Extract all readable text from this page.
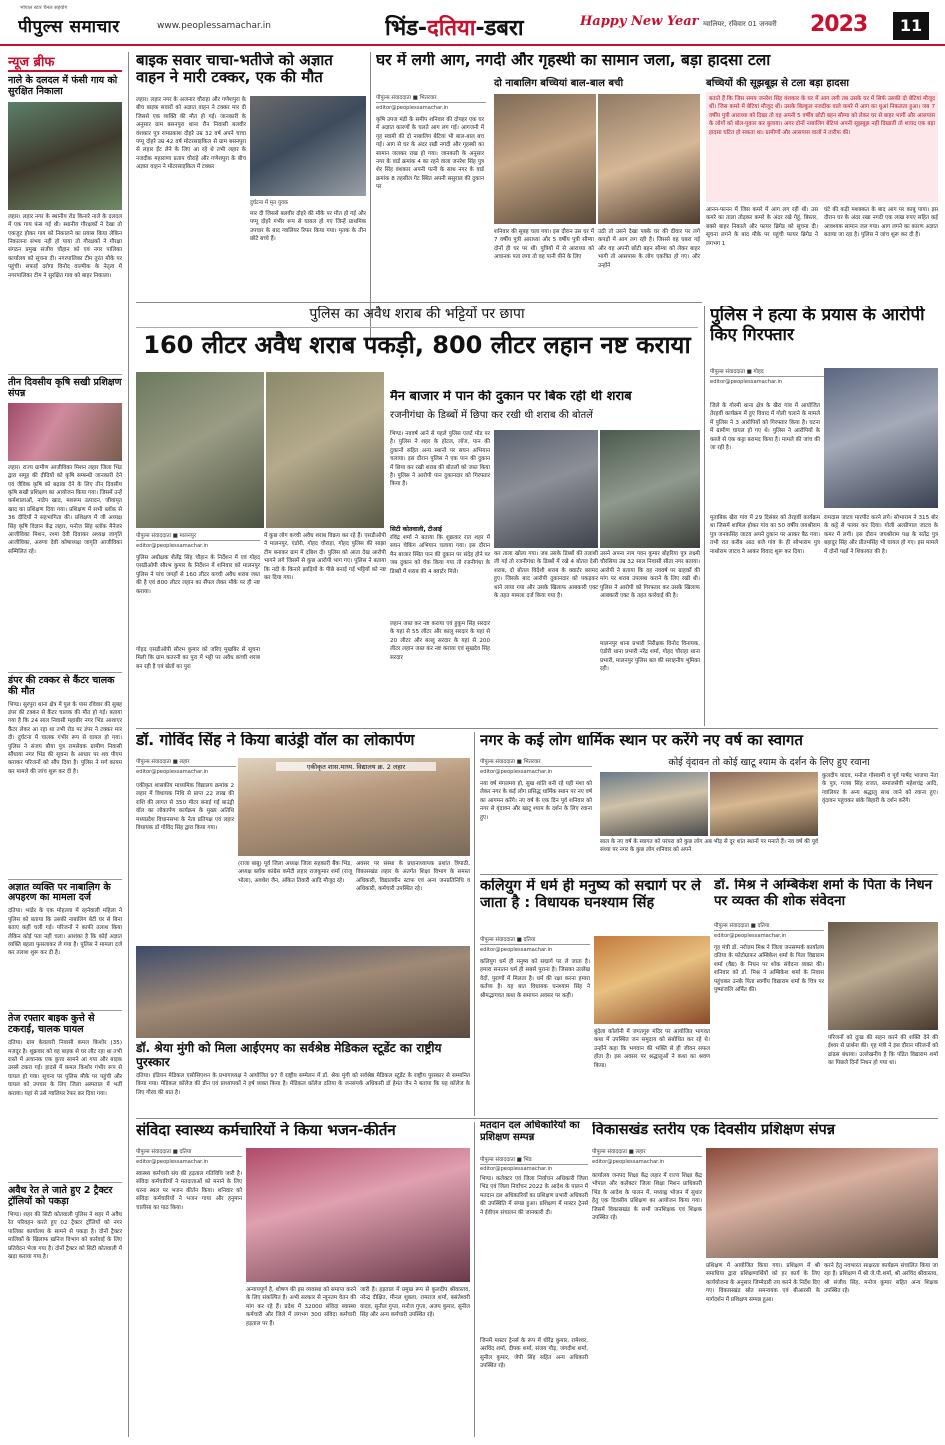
पीपुल्स समाचार
भोपाल स्टार चैनल सहयोग
www.peoplessamachar.in	भिंड-दतिया-डबरा	Happy New Year ग्वालियर, रविवार 01 जनवरी	2023	11
न्यूज ब्रीफ
नाले के दलदल में फंसी गाय को सुरक्षित निकाला
लहार। लहार नगर के स्थानीय रोड किनारे नाले के दलदल में एक गाय फंस गई थी। स्थानीय गौरक्षकों ने देखा तो एकजुट होकर गाय को निकालने का प्रयास किया लेकिन निकालना संभव नहीं हो पाया तो गौरक्षकों ने गौरक्षा संगठन प्रमुख संजीव चौहान को एवं नगर पालिका कार्यालय को सूचना दी। नगरपालिका टीम तुरंत मौके पर पहुंची। सफाई दरोगा विनोद वाल्मीक के नेतृत्व में नगरपालिका टीम ने सुरक्षित गाय को बाहर निकाला।
तीन दिवसीय कृषि सखी प्रशिक्षण संपन्न
लहार। राज्य ग्रामीण आजीविका मिशन लहार जिला भिंड द्वारा समूह की दीदियों को कृषि सम्बन्धी जानकारी देने एवं जैविक कृषि को बढ़ावा देने के लिए तीन दिवसीय कृषि सखी प्रशिक्षण का आयोजन किया गया। जिसमें उन्हें कर्मशालाओं, नाडेप खाद, मशरूम उत्पादन, जीवामृत खाद का प्रशिक्षण दिया गया। प्रशिक्षण में सभी ब्लॉक से 36 दीदियों ने सहभागिता की। प्रशिक्षण में जी अध्यक्ष सिंह कृषि विज्ञान केंद्र लहार, मनोज सिंह ब्लॉक मैनेजर आजीविका मिशन, रश्मा देवी दिवाकर अध्यक्ष जागृति आजीविका, अरुणा देवी कोषाध्यक्ष जागृति आजीविका सम्मिलित रहे।
डंपर की टक्कर से कैंटर चालक की मौत
भिण्ड। सुरपुरा थाना क्षेत्र में पुल के पास रविवार की सुबह डंपर की टक्कर से कैंटर चालक की मौत हो गई। बताया गया है कि 24 साल निवासी महाबीर नगर भिंड आशाएर कैंटर लेकर आ रहा था तभी रोड पर डंपर ने टक्कर मार दी। दुर्घटना में चालक गंभीर रूप से घायल हो गया। पुलिस ने संजय बौया पुत्र रामसेवक ग्रामीण निवासी सौंधाया नगर भिंड की सूचना के आधार पर शव पीएम कराकर परिजनों को सौंप दिया है। पुलिस ने मर्ग कायम कर मामले की जांच शुरू कर दी है।
अज्ञात व्यक्ति पर नाबालिग के अपहरण का मामला दर्ज
दतिया। भांडेर के एक मोहल्ला में रहनेवाली महिला ने पुलिस को बताया कि उसकी नाबालिग बेटी घर से बिना बताए कहीं चली गई। परिजनों ने काफी तलाश किया लेकिन कोई पता नहीं चला। आशंका है कि कोई अज्ञात व्यक्ति बहला फुसलाकर ले गया है। पुलिस ने मामला दर्ज कर तलाश शुरू कर दी है।
तेज रफ्तार बाइक कुत्ते से टकराई, चालक घायल
दतिया। ग्राम केवलारी निवासी कमल किशोर (35) मजदूर है। शुक्रवार को वह बाइक से घर लौट रहा था तभी रास्ते में अचानक एक कुत्ता सामने आ गया और बाइक उससे टकरा गई। हादसे में कमल किशोर गंभीर रूप से घायल हो गया। सूचना पर पुलिस मौके पर पहुंची और घायल को उपचार के लिए जिला अस्पताल में भर्ती कराया। यहां से उसे ग्वालियर रेफर कर दिया गया।
अवैध रेत ले जाते हुए 2 ट्रैक्टर ट्रॉलियों को पकड़ा
भिण्ड। शहर की सिटी कोतवाली पुलिस ने शहर में अवैध रेत परिवहन करते हुए 02 ट्रैक्टर ट्रॉलियों को नगर पालिका कार्यालय के सामने से पकड़ा है। दोनों ट्रैक्टर मालिकों के खिलाफ खनिज विभाग को कार्रवाई के लिए प्रतिवेदन भेजा गया है। दोनों ट्रैक्टर को सिटी कोतवाली में खड़ा कराया गया है।
बाइक सवार चाचा-भतीजे को अज्ञात वाहन ने मारी टक्कर, एक की मौत
लहार। लहार नगर के अजनार चौराहा और गणेशपुरा के बीच बाइक सवारों को अज्ञात वाहन ने टक्कर मार दी जिससे एक व्यक्ति की मौत हो गई। जानकारी के अनुसार ग्राम बसनपुरा थाना रौन निवासी बलवीर वंशकार पुत्र रामप्रकाश दोहरे उम्र 32 वर्ष अपने चाचा पप्पू दोहरे उम्र 42 वर्ष मोटरसाइकिल से ग्राम बसनपुरा से लहार ईंट लेने के लिए आ रहे थे तभी लहार के नजदीक महाराणा प्रताप चौराहे और गणेशपुरा के बीच अज्ञात वाहन ने मोटरसाइकिल में टक्कर
दुर्घटना में मृत युवक
मार दी जिससे बलवीर दोहरे की मौके पर मौत हो गई और पप्पू दोहरे गंभीर रूप से घायल हो गए जिन्हें प्राथमिक उपचार के बाद ग्वालियर रिफर किया गया। मृतक के तीन छोटे बच्चे हैं।
घर में लगी आग, नगदी और गृहस्थी का सामान जला, बड़ा हादसा टला
पीपुल्स संवाददाता ■ भितरवार
editor@peoplessamachar.in
कृषि उपज मंडी के समीप शनिवार की दोपहर एक घर में अज्ञात कारणों के चलते आग लग गई। आगजनी में गृह स्वामी की दो नाबालिग बेटियां भी बाल-बाल बच गई। आग से घर के अंदर रखी नगदी और गृहस्थी का सामान जलकर राख हो गया। जानकारी के अनुसार नगर के वार्ड क्रमांक 4 का रहने वाला जनरेश सिंह पुत्र शेर सिंह वंशकार अपनी पत्नी के साथ नगर के वार्ड क्रमांक 8 तहसील गेट स्थित अपनी ससुराल की दुकान पर
दो नाबालिग बच्चियां बाल-बाल बची	बच्चियों की सूझबूझ से टला बड़ा हादसा
बताते हैं कि जिस समय जनरेश सिंह वंशकार के घर में आग लगी तब उसके घर में सिर्फ उसकी दो बेटियां मौजूद थीं। जिस कमरे में बेटियां मौजूद थीं। उसके बिल्कुल नजदीक वाले कमरे में आग का धुआं निकलता हुआ। जब 7 वर्षीय पुत्री आराध्या को दिखा तो वह अपनी 5 वर्षीय छोटी बहन सौम्या को लेकर घर से बाहर भागीं और आसपास के लोगों को बोल-पुकार कर बुलाया। अगर दोनों नाबालिग बेटियां अपनी सूझबूझ नहीं दिखातीं तो शायद एक बड़ा हादसा घटित हो सकता था। ग्रामीणों और आसपास वालों ने तारीफ की।
शनिवार की सुबह चला गया। इस दौरान उस घर में 7 वर्षीय पुत्री आराध्या और 5 वर्षीय पुत्री सौम्या दोनों ही घर पर थीं। पुत्रियों में से आराध्या को अचानक पता लगा तो वह पानी पीने के लिए
उठी तो उसने देखा पक्के घर की दीवार पर लगे कपड़ों में आग लग रही है। जिससे वह घबरा गई और वह अपनी छोटी बहन सौम्या को लेकर बाहर भागी तो आसपास के लोग एकत्रित हो गए। और उन्होंने
आनन-फानन में जिस कमरे में आग लग रही थी। उस कमरे का ताला तोड़कर कमरे के अंदर रखे गेहूं, बिस्तर, बक्से बाहर निकाले और फायर ब्रिगेड को सूचना दी। सूचना लगने के बाद मौके पर पहुंची फायर ब्रिगेड ने लगभग 1
घंटे की कड़ी मशक्कत के बाद आग पर काबू पाया। इस दौरान घर के अंदर रखा नगदी एक लाख रुपए सहित कई आवश्यक सामान जल गया। आग लगने का कारण अज्ञात बताया जा रहा है। पुलिस ने जांच शुरू कर दी है।
पुलिस का अवैध शराब की भट्टियों पर छापा
160 लीटर अवैध शराब पकड़ी, 800 लीटर लहान नष्ट कराया
पीपुल्स संवाददाता ■ मालनपुर
editor@peoplessamachar.in
पुलिस अधीक्षक शैलेंद्र सिंह चौहान के निर्देशन में एवं गोहद एसडीओपी सौरभ कुमार के निर्देशन में शनिवार को मालनपुर पुलिस ने पांच जगहों से 160 लीटर कच्ची अवैध शराब जब्त की है एवं 800 लीटर लहान का सैंपल लेकर मौके पर ही नष्ट कराया।
गोहद एसडीओपी सौरभ कुमार को जरिए मुखबिर से सूचना मिली कि ग्राम कतरनी का पुरा में भट्टी पर अवैध कच्ची शराब बन रही है एवं खेतों का पुरा
में कुछ लोग कच्ची अवैध शराब विक्रय कर रहे हैं। एसडीओपी ने मालनपुर, एंडोरी, गोहद चौराहा, गोहद पुलिस की साझा टीम बनाकर ग्राम में दबिश दी। पुलिस को आता देख आरोपी भागने लगे जिसमें से कुछ आरोपी भाग गए। पुलिस ने बताया कि नदी के किनारे झाड़ियों के पीछे बनाई गई भट्टियों को नष्ट कर दिया गया।
मैन बाजार में पान की दुकान पर बिक रही थी शराब
रजनीगंधा के डिब्बों में छिपा कर रखी थी शराब की बोतलें
भिण्ड। नववर्ष आने से पहले पुलिस एलर्ट मोड पर है। पुलिस ने शहर के होटल, लॉज, पान की दुकानों सहित अन्य स्थानों पर सघन अभियान चलाया। इस दौरान पुलिस ने एक पान की दुकान में छिपा कर रखी शराब की बोतलों को जब्त किया है। पुलिस ने आरोपी पान दुकानदार को गिरफ्तार किया है।
सिटी कोतवाली, टीआई
रविंद्र शर्मा ने बताया कि शुक्रवार रात शहर में सघन चेकिंग अभियान चलाया गया। इस दौरान मैन बाजार स्थित पान की दुकान पर संदेह होने पर जब दुकान को चेक किया गया तो रजनीगंधा के डिब्बों में शराब की 4 क्वार्टर मिले।
लहान जब्त कर नष्ट कराया एवं हुकुम सिंह सरदार के यहां से 55 लीटर और कालू सरदार के यहां से 20 लीटर और बल्लू सरदार के यहां से 200 लीटर लहान जब्त कर नष्ट कराया एवं सुखदेव सिंह सरदार
कर ताला खोला गया। जब उसके डिब्बों की तलाशी ली गई तो रजनीगंधा के डिब्बों में रखे 4 बोतल देसी शराब, दो बोतल विदेशी शराब के क्वार्टर बरामद हुए। जिसके बाद आरोपी दुकानदार को पकड़कर थाने लाया गया और उसके खिलाफ आबकारी एक्ट के तहत मामला दर्ज किया गया है।
उसने अपना नाम पवन कुमार बोहरिया पुत्र लक्ष्मी चौरसिया उम्र 32 साल निवासी सीता नगर बताया। आरोपी ने बताया कि वह नववर्ष पर ग्राहकों की मांग पर शराब उपलब्ध कराने के लिए रखी थी। पुलिस ने आरोपी को गिरफ्तार कर उसके खिलाफ आबकारी एक्ट के तहत कार्रवाई की है।
मालनपुर थाना प्रभारी निरीक्षक विनोद विनायक, एंडोरी थाना प्रभारी नरेंद्र शर्मा, गोहद चौराहा थाना प्रभारी, मालनपुर पुलिस बल की सराहनीय भूमिका रही।
पुलिस ने हत्या के प्रयास के आरोपी किए गिरफ्तार
पीपुल्स संवाददाता ■ गोहद
editor@peoplessamachar.in
जिले के गोरमी थाना क्षेत्र के खैरा गांव में आयोजित तेरहवीं कार्यक्रम में हुए विवाद में गोली चलाने के मामले में पुलिस ने 3 आरोपियों को गिरफ्तार किया है। घटना में ग्रामीण घायल हो गए थे। पुलिस ने आरोपियों के कब्जे से एक कट्टा बरामद किया है। मामले की जांच की जा रही है।
मुताबिक खैरा गांव में 29 दिसंबर को तेरहवीं कार्यक्रम था जिसमें शामिल होकर गांव का 50 वर्षीय जयश्रीराम पुत्र जनकसिंह जाटव अपने दुकान पर आकर बैठ गया। तभी रात करीब आठ बजे गांव के ही सोभाराम पुत्र नाथोराम जाटव ने आकर विवाद शुरू कर दिया।
रामदास जाटव मारपीट करने लगे। सोभाराम ने 315 बोर के कट्टे से फायर कर दिया। गोली अल्प्रीपाल जाटव के कमर में लगी। इस दौरान जयश्रीराम पक्ष के सतेंद्र पुत्र बहादुर सिंह और प्रीतमसिंह भी घायल हो गए। इस मामले में दोनों पक्षों ने शिकायत की है।
डॉ. गोविंद सिंह ने किया बाउंड्री वॉल का लोकार्पण
पीपुल्स संवाददाता ■ लहार
editor@peoplessamachar.in
एकीकृत शासकीय माध्यमिक विद्यालय क्रमांक 2 लहार में विधायक निधि से प्राप्त 22 लाख की राशि की लागत से 350 मीटर बनाई गई बाउंड्री वॉल का लोकार्पण कार्यक्रम के मुख्य अतिथि मध्यप्रदेश विधानसभा के नेता प्रतिपक्ष एवं लहार विधायक डॉ गोविंद सिंह द्वारा किया गया।
एकीकृत शास.माध्य. विद्यालय क्र. 2 लहार
(राजा बाबू) पूर्व जिला अध्यक्ष जिला सहकारी बैंक भिंड, अध्यक्ष ब्लॉक कांग्रेस कमेटी लहार राजकुमार शर्मा (राजू भोला), अवधेश जैन, अंकित तिवारी आदि मौजूद रहे।
अवसर पर संस्था के प्रधानाध्यापक प्रशांत त्रिपाठी, विकासखंड लहार के अंतर्गत शिक्षा विभाग के समस्त अधिकारी, विद्यालयीन स्टाफ एवं अन्य जनप्रतिनिधि व अधिकारी, कर्मचारी उपस्थित रहे।
डॉ. श्रेया मुंगी को मिला आईएमए का सर्वश्रेष्ठ मेडिकल स्टूडेंट का राष्ट्रीय पुरस्कार
दतिया। इंडियन मेडिकल एसोसिएशन के प्रभागाध्यक्ष ने आयोजित 97 वें राष्ट्रीय सम्मेलन में डॉ. श्रेया मुंगी को सर्वश्रेष्ठ मेडिकल स्टूडेंट के राष्ट्रीय पुरस्कार से सम्मानित किया गया। मेडिकल कॉलेज की डीन एवं प्राध्यापकों ने हर्ष व्यक्त किया है। मेडिकल कॉलेज दतिया के जनसंपर्क अधिकारी डॉ हेमंत जैन ने बताया कि यह कॉलेज के लिए गौरव की बात है।
नगर के कई लोग धार्मिक स्थान पर करेंगे नए वर्ष का स्वागत
पीपुल्स संवाददाता ■ भितरवार
editor@peoplessamachar.in
नया वर्ष मंगलमय हो, सुख शांति बनी रहे यही मंशा को लेकर नगर के कई लोग प्रसिद्ध धार्मिक स्थान पर नए वर्ष का आगमन करेंगे। नए वर्ष के एक दिन पूर्व शनिवार को नगर से वृंदावन और खाटू श्याम के दर्शन के लिए रवाना हुए।
कोई वृंदावन तो कोई खाटू श्याम के दर्शन के लिए हुए रवाना
साल के नए वर्ष के स्वागत को परंपरा को कुछ लोग अब भीड़ से दूर शांत स्थानों पर मनाते हैं। नव वर्ष की पूर्व संध्या पर नगर के कुछ लोग शनिवार को अपने
कुलदीप यादव, मनोज गोस्वामी व पूर्व पार्षद भाजपा नेता के पुत्र, गजब सिंह राजत, समाजसेवी महेशचंद्र आदि, ग्वालियर के अन्य श्रद्धालु साथ जाने को रवाना हुए। वृंदावन पहुंचकर बांके बिहारी के दर्शन करेंगे।
कलियुग में धर्म ही मनुष्य को सद्मार्ग पर ले जाता है : विधायक घनश्याम सिंह
पीपुल्स संवाददाता ■ दतिया
editor@peoplessamachar.in
कलियुग धर्म ही मनुष्य को सद्मार्ग पर ले जाता है। हमारा सनातन धर्म ही सबसे पुराना है। जिसका उल्लेख वेदों, पुराणों में मिलता है। धर्म की रक्षा करना हमारा कर्तव्य है। यह बात विधायक घनश्याम सिंह ने श्रीमद्भागवत कथा के समापन अवसर पर कही।
बुंदेला कॉलोनी में जगतगुरु मंदिर पर आयोजित भागवत कथा में उपस्थित जन समुदाय को संबोधित कर रहे थे। उन्होंने कहा कि भगवान की भक्ति से ही जीवन सफल होता है। इस अवसर पर श्रद्धालुओं ने कथा का श्रवण किया।
डॉ. मिश्र ने अम्बिकेश शर्मा के पिता के निधन पर व्यक्त की शोक संवेदना
पीपुल्स संवाददाता ■ दतिया
editor@peoplessamachar.in
गृह मंत्री डॉ. नरोत्तम मिश्र ने जिला जनसम्पर्क कार्यालय दतिया के फोटोग्राफर अम्बिकेश शर्मा के पिता विद्याराम शर्मा (वैद्य) के निधन पर शोक संवेदना व्यक्त की। शनिवार को डॉ. मिश्र ने अम्बिकेश शर्मा के निवास पहुंचकर उनके पिता स्वर्गीय विद्याराम शर्मा के चित्र पर पुष्पांजलि अर्पित की।
परिजनों को दुःख की सहन करने की शक्ति देने की ईश्वर से प्रार्थना की। गृह मंत्री ने इस दौरान परिजनों को ढांढस बंधाया। उल्लेखनीय है कि पंडित विद्याराम शर्मा का पिछले दिनों निधन हो गया था।
संविदा स्वास्थ्य कर्मचारियों ने किया भजन-कीर्तन
पीपुल्स संवाददाता ■ दतिया
editor@peoplessamachar.in
स्वास्थ्य कर्मचारी संघ की हड़ताल गतिविधि जारी है। संविदा कर्मचारियों ने मतदाताओं को मनाने के लिए धरना स्थल पर भजन कीर्तन किया। शनिवार को संविदा कर्मचारियों ने भजन गाया और हनुमान चालीसा का पाठ किया।
अन्यायपूर्ण है, शोषण की इस व्यवस्था को समाप्त करने के लिए संकल्पित है। अभी सरकार से न्यूनतम वेतन की मांग कर रहे हैं। प्रदेश में 32000 संविदा स्वास्थ्य कर्मचारी और जिले में लगभग 300 संविदा कर्मचारी हड़ताल पर हैं।
जारी है। हड़ताल में प्रमुख रूप से कुलदीप श्रीवास्तव, नरेन्द्र दीक्षित, मीनल शुक्ला, रामराज शर्मा, बसंतेश्वरी यादव, सुनील गुप्ता, मनोज गुप्ता, अजय कुमार, सुनील सिंह और अन्य कर्मचारी उपस्थित रहे।
मतदान दल अधिकारियों का प्रशिक्षण सम्पन्न
पीपुल्स संवाददाता ■ भिंड
editor@peoplessamachar.in
भिण्ड। कलेक्टर एवं जिला निर्वाचन अधिकारी जिला भिंड एवं जिला निर्वाचन 2022 के आदेश के पालन में मतदान दल अधिकारियों का प्रशिक्षण प्रभारी अधिकारी की उपस्थिति में संपन्न हुआ। प्रशिक्षण में मास्टर ट्रेनर्स ने ईवीएम संचालन की जानकारी दी।
जिनमें मास्टर ट्रेनर्स के रूप में धीरेंद्र कुमार, रामेश्वर, अरविंद शर्मा, दीपक शर्मा, संजय गौड़, जगदीश शर्मा, सुनील कुमार, जेपी सिंह सहित अन्य अधिकारी उपस्थित रहे।
विकासखंड स्तरीय एक दिवसीय प्रशिक्षण संपन्न
पीपुल्स संवाददाता ■ लहार
editor@peoplessamachar.in
कार्यालय जनपद शिक्षा केंद्र लहार में राज्य शिक्षा केंद्र भोपाल और कलेक्टर जिला शिक्षा मिशन प्राधिकारी भिंड के आदेश के पालन में, मध्याह्न भोजन में सुधार हेतु एक दिवसीय प्रशिक्षण का आयोजन किया गया। जिसमें विकासखंड के सभी जनशिक्षक एवं शिक्षक उपस्थित रहे।
प्रशिक्षण में आयोजित किया गया। प्रशिक्षण में श्री समाधिया द्वारा प्रशिक्षणार्थियों को हर कार्य के लिए कार्ययोजना के अनुसार जिम्मेदारी तय करने के निर्देश दिए गए। विकासखंड स्रोत समन्वयक एवं बीआरसी के मार्गदर्शन में प्रशिक्षण सम्पन्न हुआ।
करने हेतु नवभारत साक्षरता कार्यक्रम संचालित किया जा रहा है। प्रशिक्षण में श्री जे.पी.शर्मा, श्री अरविंद श्रीवास्तव, श्री संजीव सिंह, मनोज कुमार सहित अन्य शिक्षक उपस्थित रहे।
